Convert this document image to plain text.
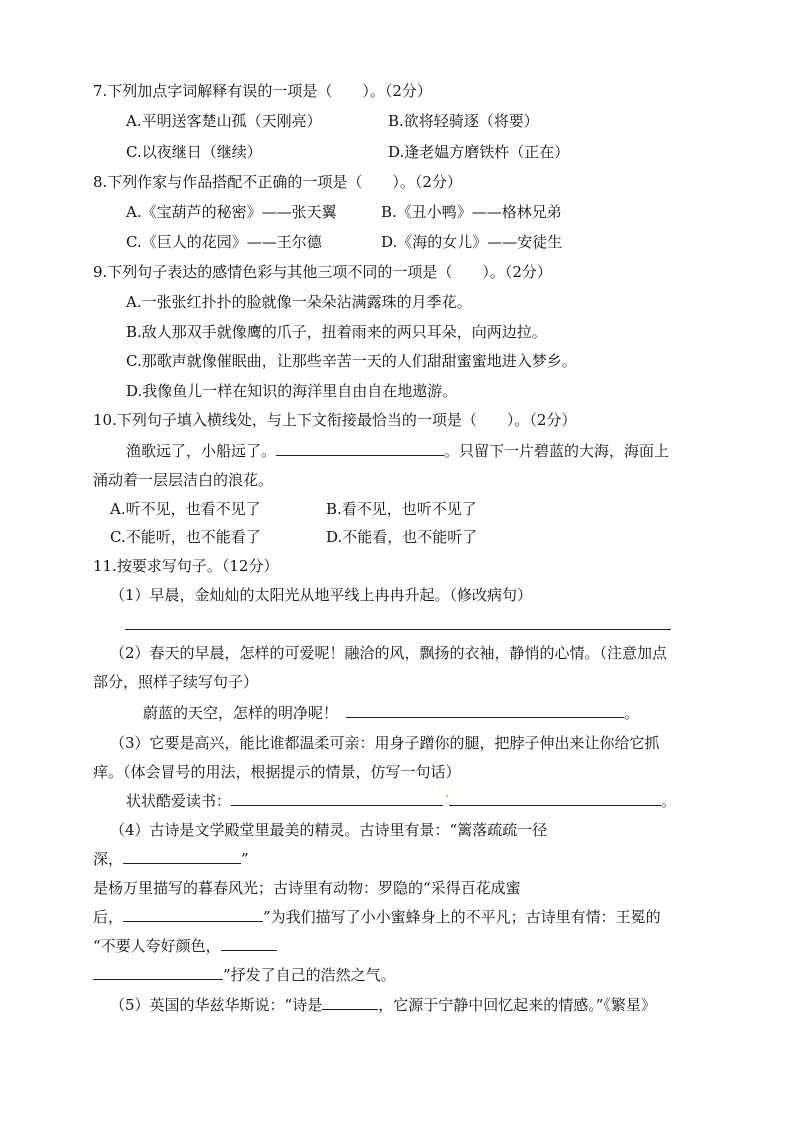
7.下列加点字词解释有误的一项是（　　）。（2分）
A.平明送客楚山孤（天刚亮）	B.欲将轻骑逐（将要）
C.以夜继日（继续）	D.逢老媪方磨铁杵（正在）
8.下列作家与作品搭配不正确的一项是（　　）。（2分）
A.《宝葫芦的秘密》——张天翼	B.《丑小鸭》——格林兄弟
C.《巨人的花园》——王尔德	D.《海的女儿》——安徒生
9.下列句子表达的感情色彩与其他三项不同的一项是（　　）。（2分）
A.一张张红扑扑的脸就像一朵朵沾满露珠的月季花。
B.敌人那双手就像鹰的爪子，扭着雨来的两只耳朵，向两边拉。
C.那歌声就像催眠曲，让那些辛苦一天的人们甜甜蜜蜜地进入梦乡。
D.我像鱼儿一样在知识的海洋里自由自在地遨游。
10.下列句子填入横线处，与上下文衔接最恰当的一项是（　　）。（2分）
渔歌远了，小船远了。	。只留下一片碧蓝的大海，海面上
涌动着一层层洁白的浪花。
A.听不见，也看不见了	B.看不见，也听不见了
C.不能听，也不能看了	D.不能看，也不能听了
11.按要求写句子。（12分）
（1）早晨，金灿灿的太阳光从地平线上冉冉升起。（修改病句）
（2）春天的早晨，怎样的可爱呢！融洽的风，飘扬的衣袖，静悄的心情。（注意加点
部分，照样子续写句子）
蔚蓝的天空，怎样的明净呢！	。
（3）它要是高兴，能比谁都温柔可亲：用身子蹭你的腿，把脖子伸出来让你给它抓
痒。（体会冒号的用法，根据提示的情景，仿写一句话）
状状酷爱读书：	。
（4）古诗是文学殿堂里最美的精灵。古诗里有景：“篱落疏疏一径
深，	”
是杨万里描写的暮春风光；古诗里有动物：罗隐的“采得百花成蜜
后，	”为我们描写了小小蜜蜂身上的不平凡；古诗里有情：王冕的
“不要人夸好颜色，
”抒发了自己的浩然之气。
（5）英国的华兹华斯说：“诗是	，它源于宁静中回忆起来的情感。”《繁星》
